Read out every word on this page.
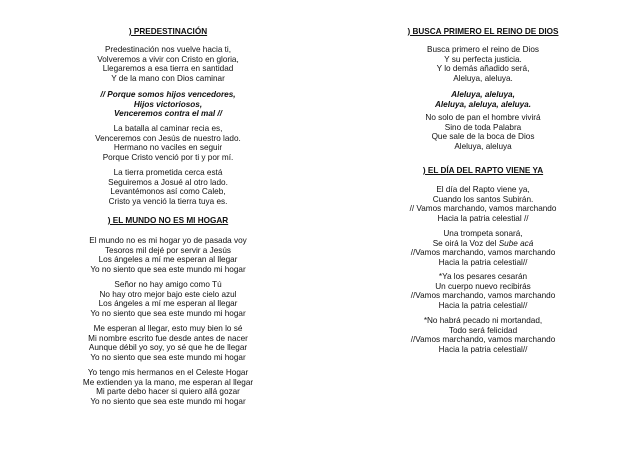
) PREDESTINACIÓN
Predestinación nos vuelve hacia ti,
Volveremos a vivir con Cristo en gloria,
Llegaremos a esa tierra en santidad
Y de la mano con Dios caminar
// Porque somos hijos vencedores,
Hijos victoriosos,
Venceremos contra el mal //
La batalla al caminar recia es,
Venceremos con Jesús de nuestro lado.
Hermano no vaciles en seguir
Porque Cristo venció por ti y por mí.
La tierra prometida cerca está
Seguiremos a Josué al otro lado.
Levantémonos así como Caleb,
Cristo ya venció la tierra tuya es.
) EL MUNDO NO ES MI HOGAR
El mundo no es mi hogar yo de pasada voy
Tesoros mil dejé por servir a Jesús
Los ángeles a mí me esperan al llegar
Yo no siento que sea este mundo mi hogar
Señor no hay amigo como Tú
No hay otro mejor bajo este cielo azul
Los ángeles a mí me esperan al llegar
Yo no siento que sea este mundo mi hogar
Me esperan al llegar, esto muy bien lo sé
Mi nombre escrito fue desde antes de nacer
Aunque débil yo soy, yo sé que he de llegar
Yo no siento que sea este mundo mi hogar
Yo tengo mis hermanos en el Celeste Hogar
Me extienden ya la mano, me esperan al llegar
Mi parte debo hacer si quiero allá gozar
Yo no siento que sea este mundo mi hogar
) BUSCA PRIMERO EL REINO DE DIOS
Busca primero el reino de Dios
Y su perfecta justicia.
Y lo demás añadido será,
Aleluya, aleluya.
Aleluya, aleluya,
Aleluya, aleluya, aleluya.
No solo de pan el hombre vivirá
Sino de toda Palabra
Que sale de la boca de Dios
Aleluya, aleluya
) EL DÍA DEL RAPTO VIENE YA
El día del Rapto viene ya,
Cuando los santos Subirán.
// Vamos marchando, vamos marchando
Hacia la patria celestial //
Una trompeta sonará,
Se oirá la Voz del Sube acá
//Vamos marchando, vamos marchando
Hacia la patria celestial//
*Ya los pesares cesarán
Un cuerpo nuevo recibirás
//Vamos marchando, vamos marchando
Hacia la patria celestial//
*No habrá pecado ni mortandad,
Todo será felicidad
//Vamos marchando, vamos marchando
Hacia la patria celestial//
